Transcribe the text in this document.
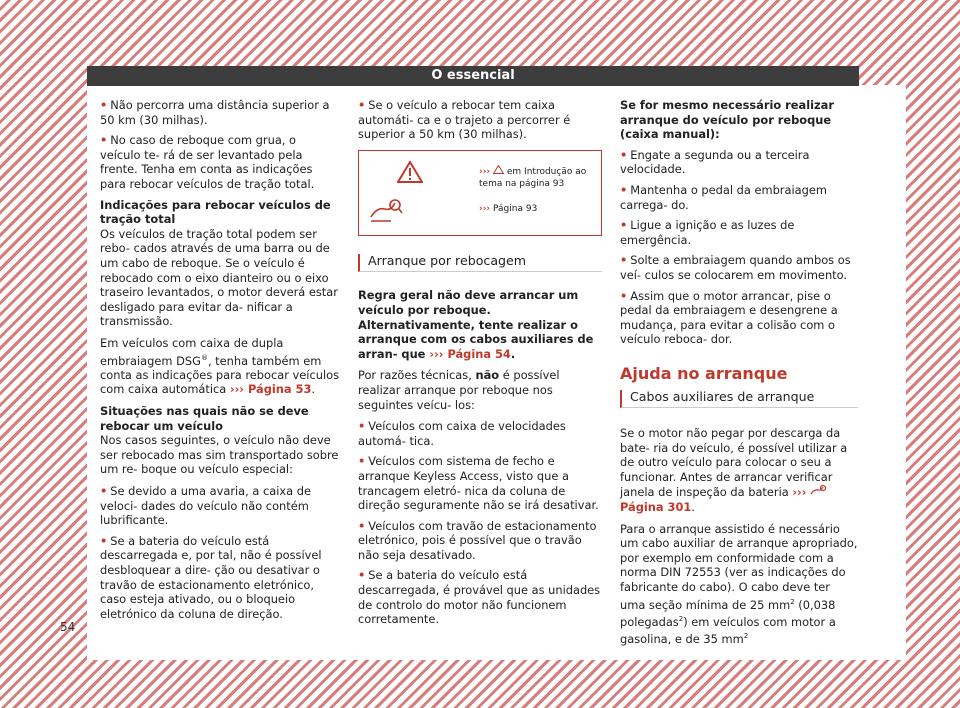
O essencial
54
• Não percorra uma distância superior a 50 km (30 milhas).
• No caso de reboque com grua, o veículo te- rá de ser levantado pela frente. Tenha em conta as indicações para rebocar veículos de tração total.

Indicações para rebocar veículos de tração total

Os veículos de tração total podem ser rebo- cados através de uma barra ou de um cabo de reboque. Se o veículo é rebocado com o eixo dianteiro ou o eixo traseiro levantados, o motor deverá estar desligado para evitar da- nificar a transmissão.

Em veículos com caixa de dupla embraiagem DSG®, tenha também em conta as indicações para rebocar veículos com caixa automática ››› Página 53.

Situações nas quais não se deve rebocar um veículo

Nos casos seguintes, o veículo não deve ser rebocado mas sim transportado sobre um re- boque ou veículo especial:

• Se devido a uma avaria, a caixa de veloci- dades do veículo não contém lubrificante.
• Se a bateria do veículo está descarregada e, por tal, não é possível desbloquear a dire- ção ou desativar o travão de estacionamento eletrónico, caso esteja ativado, ou o bloqueio eletrónico da coluna de direção.
• Se o veículo a rebocar tem caixa automáti- ca e o trajeto a percorrer é superior a 50 km (30 milhas).
››› em Introdução ao tema na página 93
››› Página 93
Arranque por rebocagem

Regra geral não deve arrancar um veículo por reboque. Alternativamente, tente realizar o arranque com os cabos auxiliares de arran- que ››› Página 54.

Por razões técnicas, não é possível realizar arranque por reboque nos seguintes veícu- los:

• Veículos com caixa de velocidades automá- tica.
• Veículos com sistema de fecho e arranque Keyless Access, visto que a trancagem eletró- nica da coluna de direção seguramente não se irá desativar.
• Veículos com travão de estacionamento eletrónico, pois é possível que o travão não seja desativado.
• Se a bateria do veículo está descarregada, é provável que as unidades de controlo do motor não funcionem corretamente.

Se for mesmo necessário realizar arranque do veículo por reboque (caixa manual):

• Engate a segunda ou a terceira velocidade.
• Mantenha o pedal da embraiagem carrega- do.
• Ligue a ignição e as luzes de emergência.
• Solte a embraiagem quando ambos os veí- culos se colocarem em movimento.
• Assim que o motor arrancar, pise o pedal da embraiagem e desengrene a mudança, para evitar a colisão com o veículo reboca- dor.
Ajuda no arranque
Cabos auxiliares de arranque

Se o motor não pegar por descarga da bate- ria do veículo, é possível utilizar a de outro veículo para colocar o seu a funcionar. Antes de arrancar verificar janela de inspeção da bateria ›››  Página 301.

Para o arranque assistido é necessário um cabo auxiliar de arranque apropriado, por exemplo em conformidade com a norma DIN 72553 (ver as indicações do fabricante do cabo). O cabo deve ter uma seção mínima de 25 $mm^2$ (0,038 polegadas$^2$) em veículos com motor a gasolina, e de 35 $mm^2$
